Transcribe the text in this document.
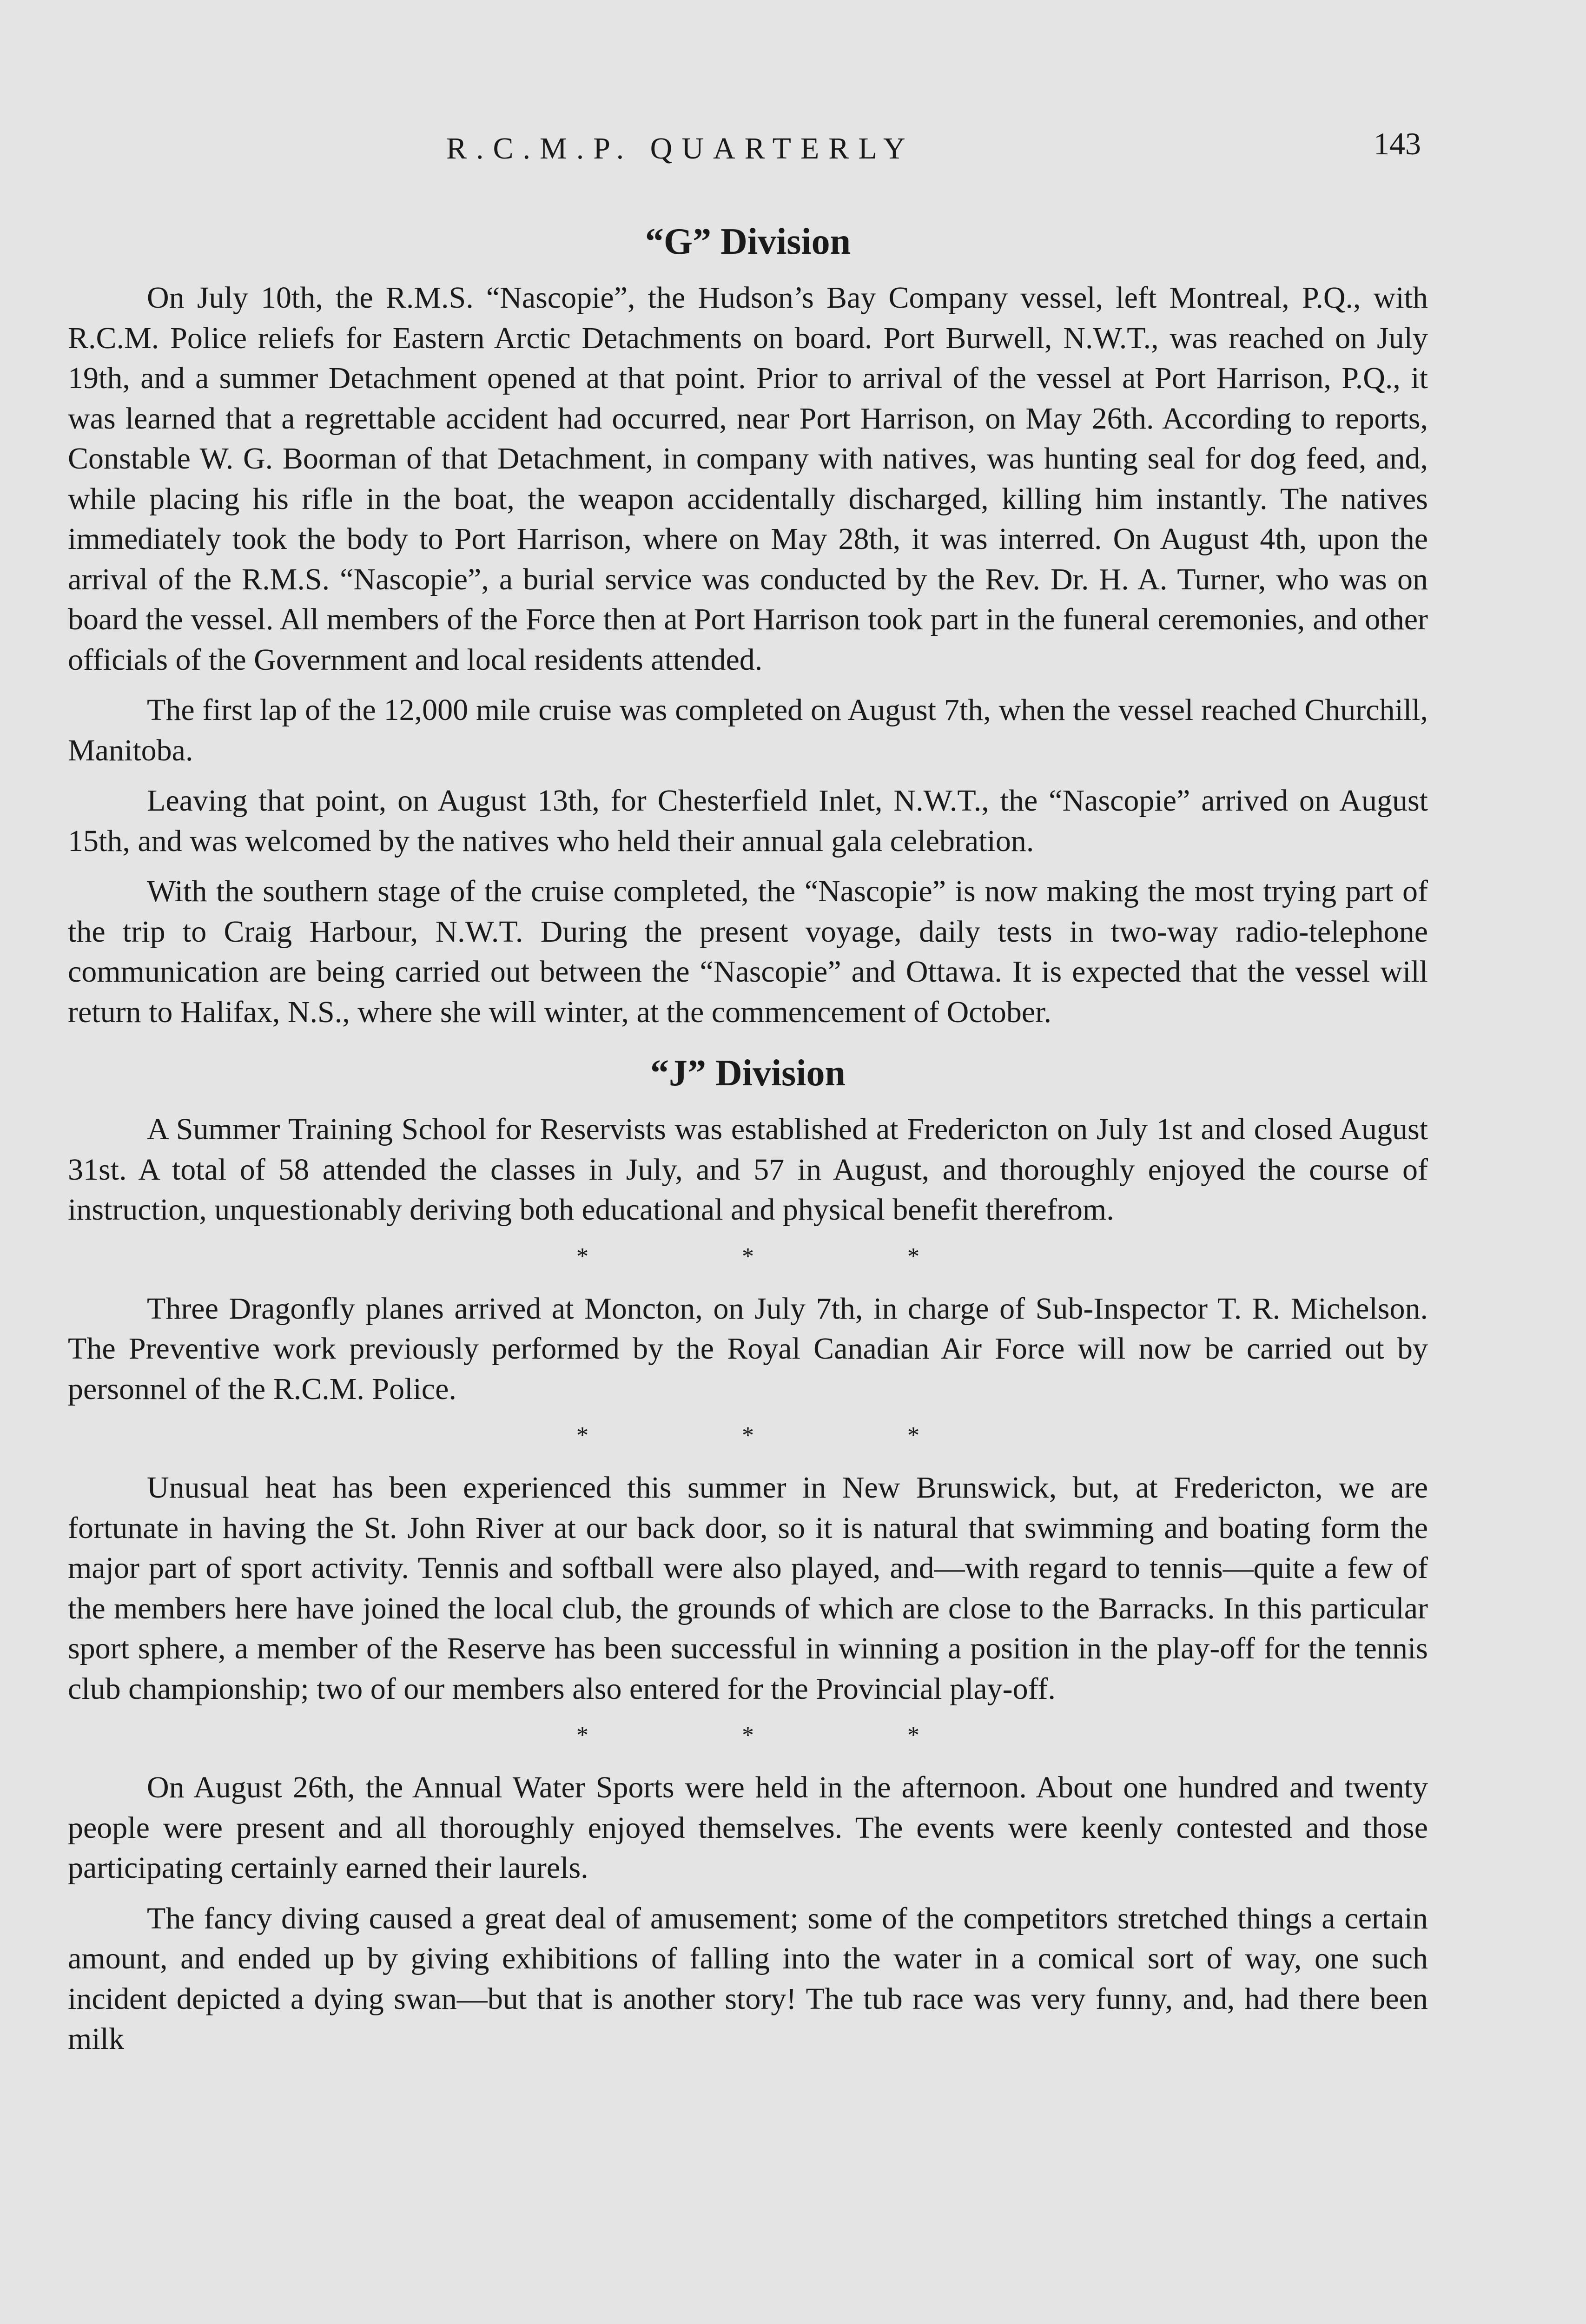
R.C.M.P. QUARTERLY	143
“G” Division

On July 10th, the R.M.S. “Nascopie”, the Hudson’s Bay Company vessel, left Montreal, P.Q., with R.C.M. Police reliefs for Eastern Arctic Detachments on board. Port Burwell, N.W.T., was reached on July 19th, and a summer Detachment opened at that point. Prior to arrival of the vessel at Port Harrison, P.Q., it was learned that a regrettable accident had occurred, near Port Harrison, on May 26th. According to reports, Constable W. G. Boorman of that Detachment, in company with natives, was hunting seal for dog feed, and, while placing his rifle in the boat, the weapon accidentally discharged, killing him instantly. The natives immediately took the body to Port Harrison, where on May 28th, it was interred. On August 4th, upon the arrival of the R.M.S. “Nascopie”, a burial service was conducted by the Rev. Dr. H. A. Turner, who was on board the vessel. All members of the Force then at Port Harrison took part in the funeral ceremonies, and other officials of the Government and local residents attended.

The first lap of the 12,000 mile cruise was completed on August 7th, when the vessel reached Churchill, Manitoba.

Leaving that point, on August 13th, for Chesterfield Inlet, N.W.T., the “Nascopie” arrived on August 15th, and was welcomed by the natives who held their annual gala celebration.

With the southern stage of the cruise completed, the “Nascopie” is now making the most trying part of the trip to Craig Harbour, N.W.T. During the present voyage, daily tests in two-way radio-telephone communication are being carried out between the “Nascopie” and Ottawa. It is expected that the vessel will return to Halifax, N.S., where she will winter, at the commencement of October.

“J” Division

A Summer Training School for Reservists was established at Fredericton on July 1st and closed August 31st. A total of 58 attended the classes in July, and 57 in August, and thoroughly enjoyed the course of instruction, unquestionably deriving both educational and physical benefit therefrom.

*	*	*

Three Dragonfly planes arrived at Moncton, on July 7th, in charge of Sub-Inspector T. R. Michelson. The Preventive work previously performed by the Royal Canadian Air Force will now be carried out by personnel of the R.C.M. Police.

*	*	*

Unusual heat has been experienced this summer in New Brunswick, but, at Fredericton, we are fortunate in having the St. John River at our back door, so it is natural that swimming and boating form the major part of sport activity. Tennis and softball were also played, and—with regard to tennis—quite a few of the members here have joined the local club, the grounds of which are close to the Barracks. In this particular sport sphere, a member of the Reserve has been successful in winning a position in the play-off for the tennis club championship; two of our members also entered for the Provincial play-off.

*	*	*

On August 26th, the Annual Water Sports were held in the afternoon. About one hundred and twenty people were present and all thoroughly enjoyed themselves. The events were keenly contested and those participating certainly earned their laurels.

The fancy diving caused a great deal of amusement; some of the competitors stretched things a certain amount, and ended up by giving exhibitions of falling into the water in a comical sort of way, one such incident depicted a dying swan—but that is another story! The tub race was very funny, and, had there been milk
